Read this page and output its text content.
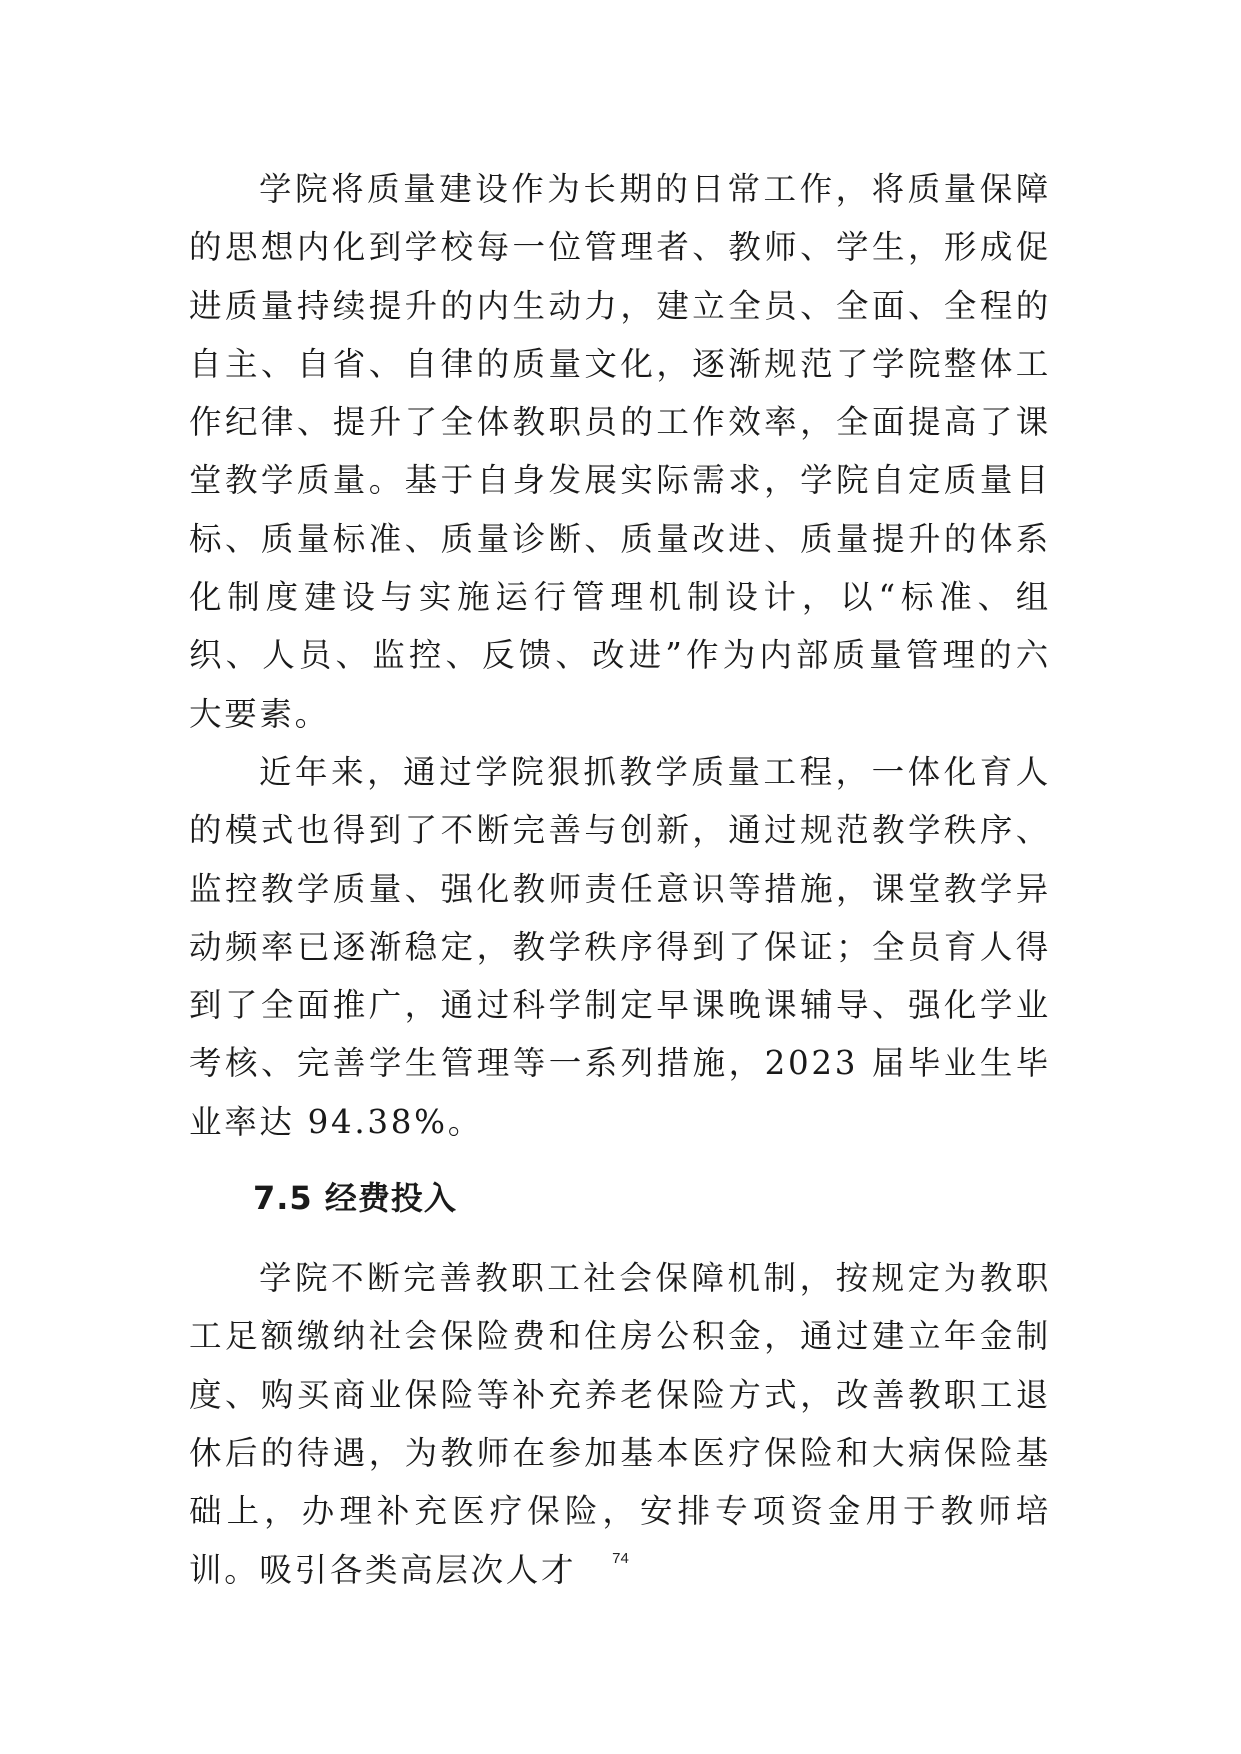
学院将质量建设作为长期的日常工作，将质量保障的思想内化到学校每一位管理者、教师、学生，形成促进质量持续提升的内生动力，建立全员、全面、全程的自主、自省、自律的质量文化，逐渐规范了学院整体工作纪律、提升了全体教职员的工作效率，全面提高了课堂教学质量。基于自身发展实际需求，学院自定质量目标、质量标准、质量诊断、质量改进、质量提升的体系化制度建设与实施运行管理机制设计，以“标准、组织、人员、监控、反馈、改进”作为内部质量管理的六大要素。

近年来，通过学院狠抓教学质量工程，一体化育人的模式也得到了不断完善与创新，通过规范教学秩序、监控教学质量、强化教师责任意识等措施，课堂教学异动频率已逐渐稳定，教学秩序得到了保证；全员育人得到了全面推广，通过科学制定早课晚课辅导、强化学业考核、完善学生管理等一系列措施，2023 届毕业生毕业率达 94.38%。

7.5 经费投入

学院不断完善教职工社会保障机制，按规定为教职工足额缴纳社会保险费和住房公积金，通过建立年金制度、购买商业保险等补充养老保险方式，改善教职工退休后的待遇，为教师在参加基本医疗保险和大病保险基础上，办理补充医疗保险，安排专项资金用于教师培训。吸引各类高层次人才	74
